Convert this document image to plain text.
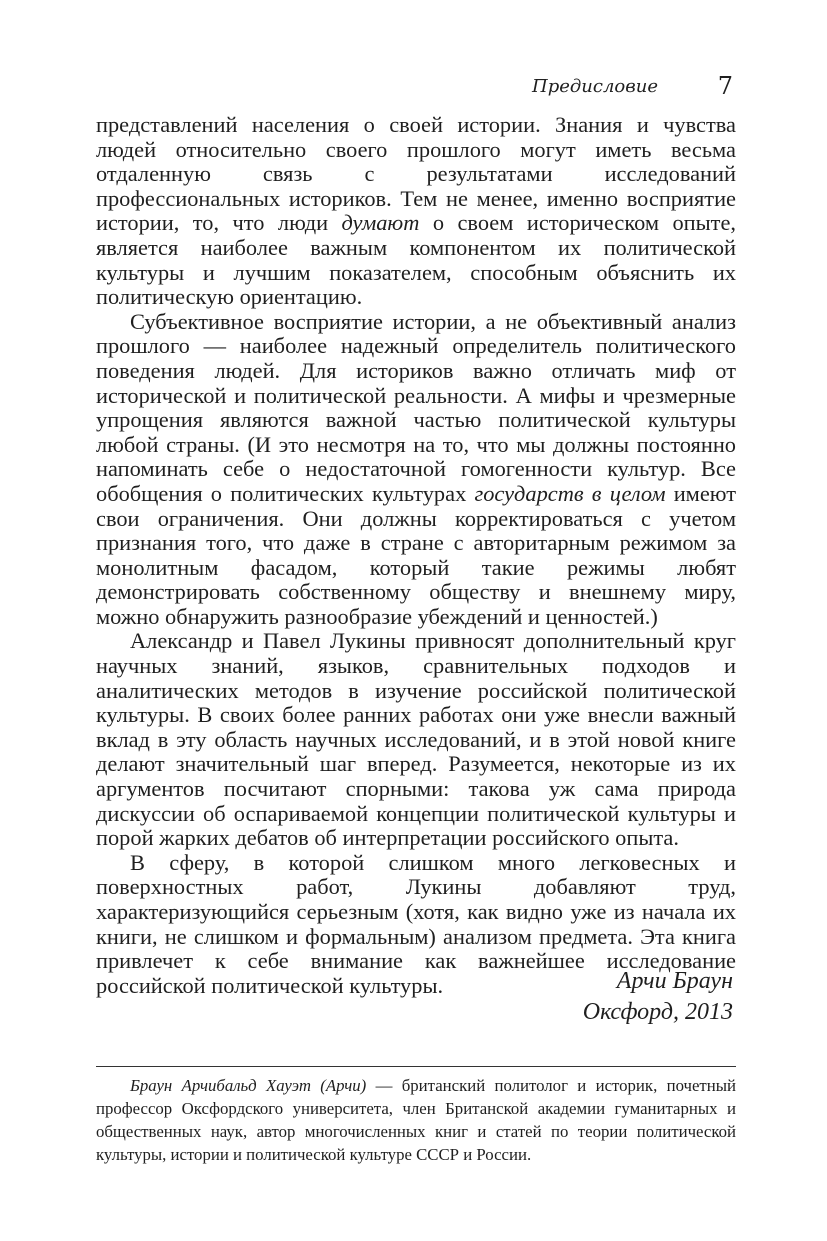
Предисловие 7

представлений населения о своей истории. Знания и чувства людей относительно своего прошлого могут иметь весьма отдаленную связь с результатами исследований профессиональных историков. Тем не менее, именно восприятие истории, то, что люди думают о своем историческом опыте, является наиболее важным компонентом их политической культуры и лучшим показателем, способным объяснить их политическую ориентацию.

Субъективное восприятие истории, а не объективный анализ прошлого — наиболее надежный определитель политического поведения людей. Для историков важно отличать миф от исторической и политической реальности. А мифы и чрезмерные упрощения являются важной частью политической культуры любой страны. (И это несмотря на то, что мы должны постоянно напоминать себе о недостаточной гомогенности культур. Все обобщения о политических культурах государств в целом имеют свои ограничения. Они должны корректироваться с учетом признания того, что даже в стране с авторитарным режимом за монолитным фасадом, который такие режимы любят демонстрировать собственному обществу и внешнему миру, можно обнаружить разнообразие убеждений и ценностей.)

Александр и Павел Лукины привносят дополнительный круг научных знаний, языков, сравнительных подходов и аналитических методов в изучение российской политической культуры. В своих более ранних работах они уже внесли важный вклад в эту область научных исследований, и в этой новой книге делают значительный шаг вперед. Разумеется, некоторые из их аргументов посчитают спорными: такова уж сама природа дискуссии об оспариваемой концепции политической культуры и порой жарких дебатов об интерпретации российского опыта.

В сферу, в которой слишком много легковесных и поверхностных работ, Лукины добавляют труд, характеризующийся серьезным (хотя, как видно уже из начала их книги, не слишком и формальным) анализом предмета. Эта книга привлечет к себе внимание как важнейшее исследование российской политической культуры.	Арчи Браун
Оксфорд, 2013
Браун Арчибальд Хауэт (Арчи) — британский политолог и историк, почетный профессор Оксфордского университета, член Британской академии гуманитарных и общественных наук, автор многочисленных книг и статей по теории политической культуры, истории и политической культуре СССР и России.
